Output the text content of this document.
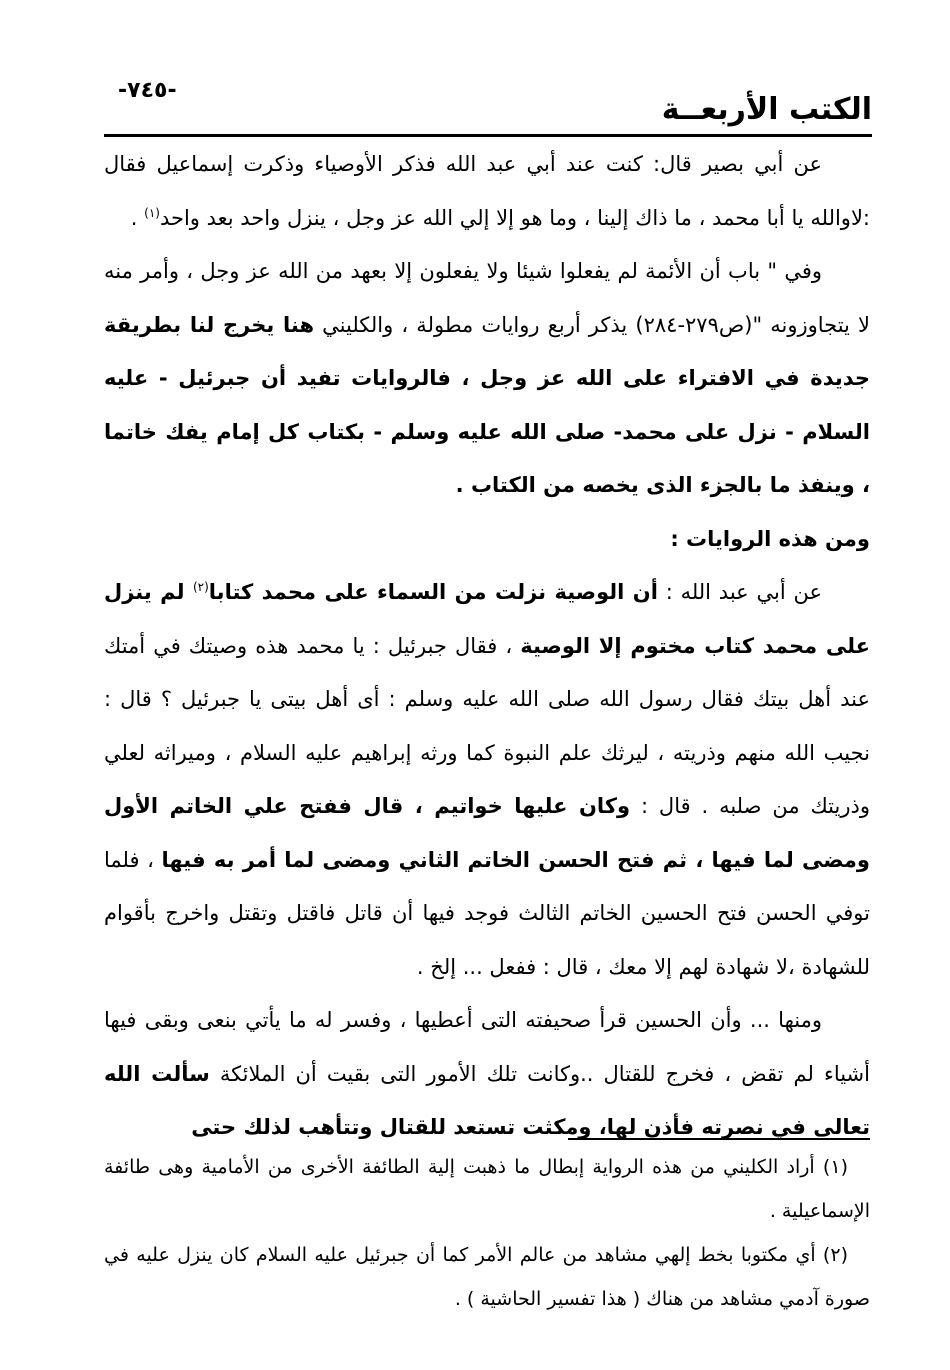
-٧٤٥-
الكتب الأربعــة

عن أبي بصير قال: كنت عند أبي عبد الله فذكر الأوصياء وذكرت إسماعيل فقال :لاوالله يا أبا محمد ، ما ذاك إلينا ، وما هو إلا إلي الله عز وجل ، ينزل واحد بعد واحد$^{(١)}$ .

وفي " باب أن الأئمة لم يفعلوا شيئا ولا يفعلون إلا بعهد من الله عز وجل ، وأمر منه لا يتجاوزونه "(ص٢٧٩-٢٨٤) يذكر أربع روايات مطولة ، والكليني هنا يخرج لنا بطريقة جديدة في الافتراء على الله عز وجل ، فالروايات تفيد أن جبرئيل - عليه السلام - نزل على محمد- صلى الله عليه وسلم - بكتاب كل إمام يفك خاتما ، وينفذ ما بالجزء الذى يخصه من الكتاب .

ومن هذه الروايات :

عن أبي عبد الله : أن الوصية نزلت من السماء على محمد كتابا$^{(٢)}$ لم ينزل على محمد كتاب مختوم إلا الوصية ، فقال جبرئيل : يا محمد هذه وصيتك في أمتك عند أهل بيتك فقال رسول الله صلى الله عليه وسلم : أى أهل بيتى يا جبرئيل ؟ قال : نجيب الله منهم وذريته ، ليرثك علم النبوة كما ورثه إبراهيم عليه السلام ، وميراثه لعلي وذريتك من صلبه . قال : وكان عليها خواتيم ، قال ففتح علي الخاتم الأول ومضى لما فيها ، ثم فتح الحسن الخاتم الثاني ومضى لما أمر به فيها ، فلما توفي الحسن فتح الحسين الخاتم الثالث فوجد فيها أن قاتل فاقتل وتقتل واخرج بأقوام للشهادة ،لا شهادة لهم إلا معك ، قال : ففعل ... إلخ .

ومنها ... وأن الحسين قرأ صحيفته التى أعطيها ، وفسر له ما يأتي بنعى وبقى فيها أشياء لم تقض ، فخرج للقتال ..وكانت تلك الأمور التى بقيت أن الملائكة سألت الله تعالى في نصرته فأذن لها، ومكثت تستعد للقتال وتتأهب لذلك حتى

(١) أراد الكليني من هذه الرواية إبطال ما ذهبت إلية الطائفة الأخرى من الأمامية وهى طائفة الإسماعيلية .

(٢) أي مكتوبا بخط إلهي مشاهد من عالم الأمر كما أن جبرئيل عليه السلام كان ينزل عليه في صورة آدمي مشاهد من هناك ( هذا تفسير الحاشية ) .
